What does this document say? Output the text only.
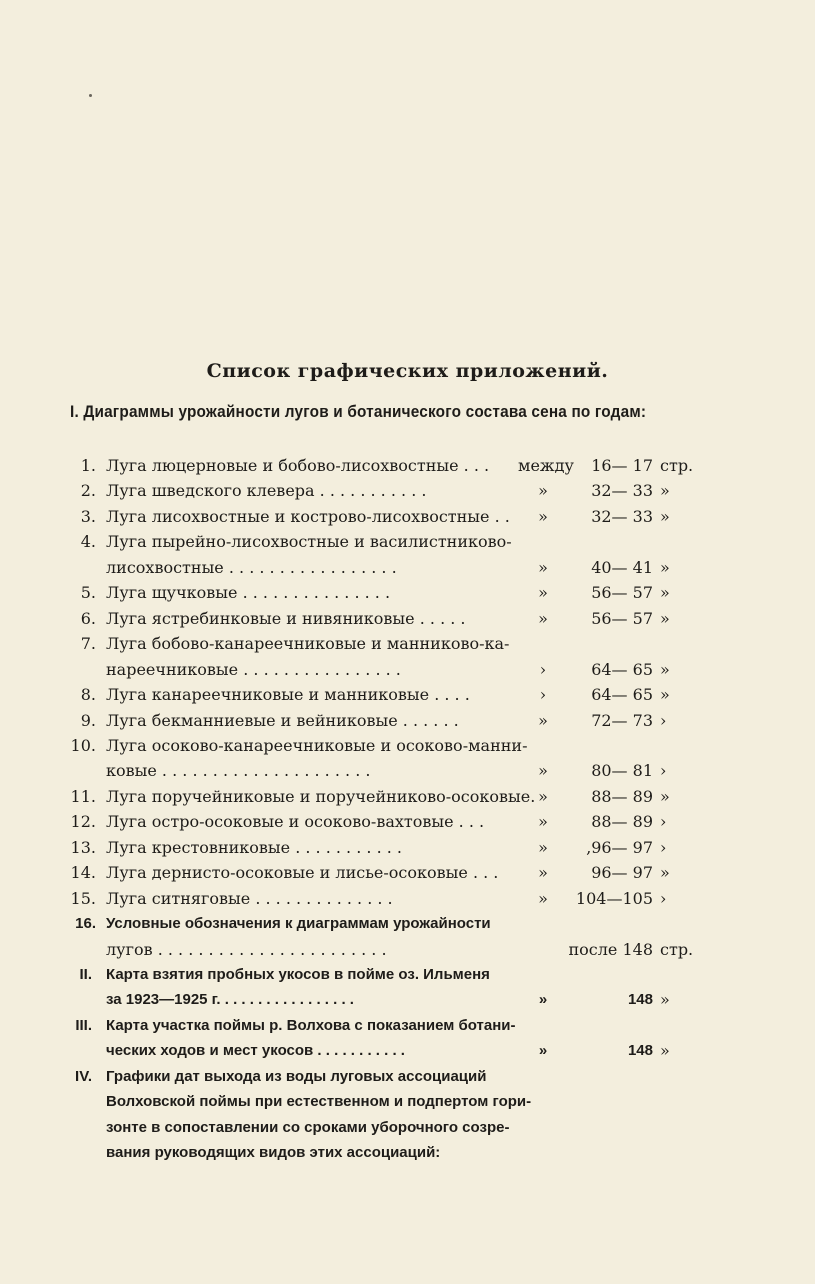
Список графических приложений.
I. Диаграммы урожайности лугов и ботанического состава сена по годам:
1. Луга люцерновые и бобово-лисохвостные . . .	между 16— 17 стр.
2. Луга шведского клевера . . . . . . . . . . .	»	32— 33 »
3. Луга лисохвостные и кострово-лисохвостные . .	»	32— 33 »
4. Луга пырейно-лисохвостные и василистниково-
лисохвостные . . . . . . . . . . . . . . . . .	»	40— 41 »
5. Луга щучковые . . . . . . . . . . . . . . .	»	56— 57 »
6. Луга ястребинковые и нивяниковые . . . . .	»	56— 57 »
7. Луга бобово-канареечниковые и манниково-ка-
нареечниковые . . . . . . . . . . . . . . . .	›	64— 65 »
8. Луга канареечниковые и манниковые . . . .	›	64— 65 »
9. Луга бекманниевые и вейниковые . . . . . .	»	72— 73 ›
10. Луга осоково-канареечниковые и осоково-манни-
ковые . . . . . . . . . . . . . . . . . . . . .	»	80— 81 ›
11. Луга поручейниковые и поручейниково-осоковые. »	88— 89 »
12. Луга остро-осоковые и осоково-вахтовые . . .	»	88— 89 ›
13. Луга крестовниковые . . . . . . . . . . .	»	‚96— 97 ›
14. Луга дернисто-осоковые и лисье-осоковые . . .	»	96— 97 »
15. Луга ситняговые . . . . . . . . . . . . . .	»	104—105 ›
16. Условные обозначения к диаграммам урожайности
лугов . . . . . . . . . . . . . . . . . . . . . . .	после 148 стр.
II. Карта взятия пробных укосов в пойме оз. Ильменя
за 1923—1925 г. . . . . . . . . . . . . . . . .	»	148 »
III. Карта участка поймы р. Волхова с показанием ботани-
ческих ходов и мест укосов . . . . . . . . . . .	»	148 »
IV. Графики дат выхода из воды луговых ассоциаций
Волховской поймы при естественном и подпертом гори-
зонте в сопоставлении со сроками уборочного созре-
вания руководящих видов этих ассоциаций:
